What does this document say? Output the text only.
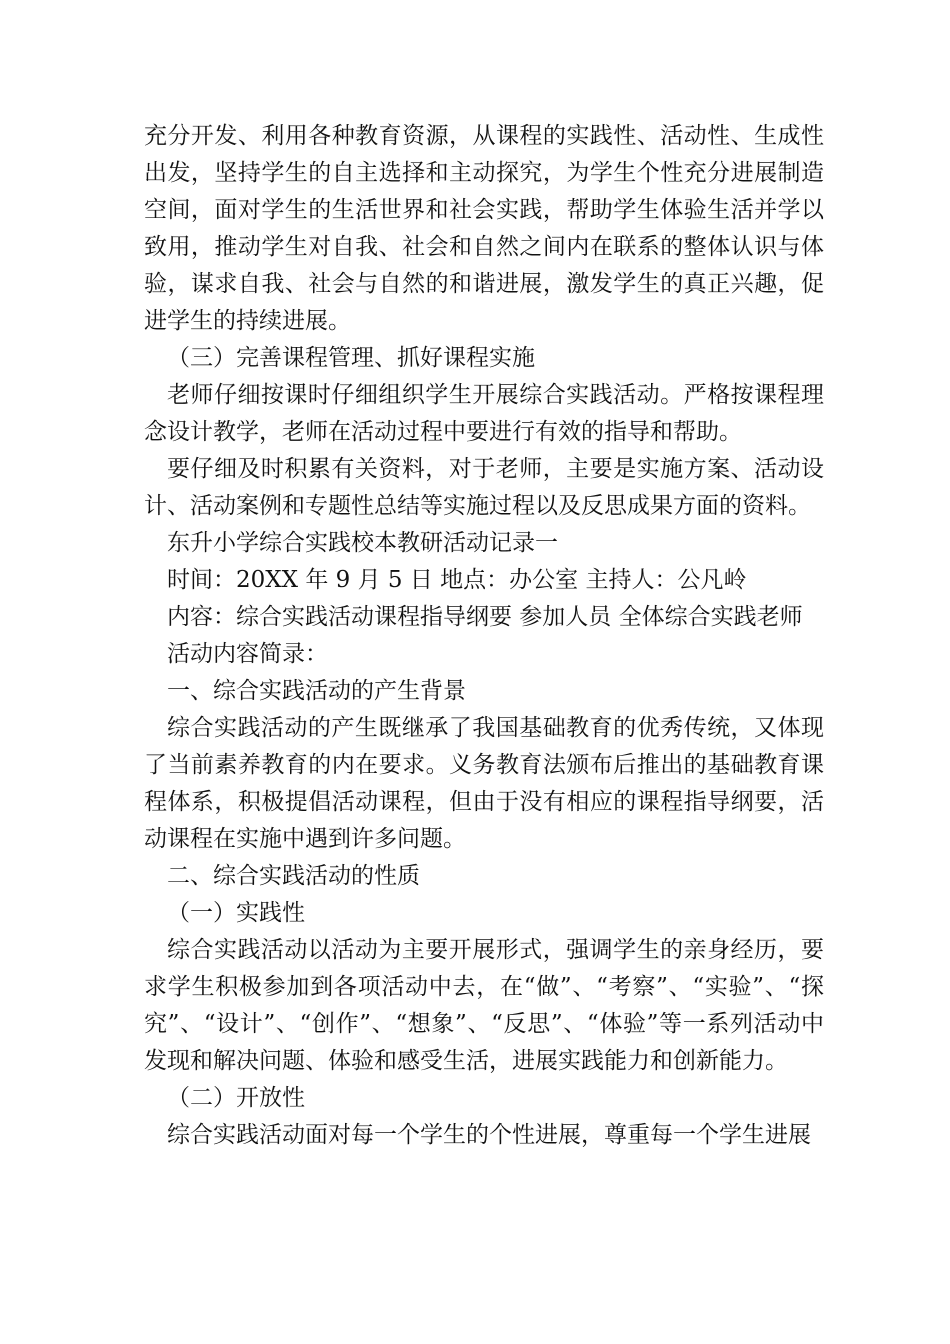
充分开发、利用各种教育资源，从课程的实践性、活动性、生成性出发，坚持学生的自主选择和主动探究，为学生个性充分进展制造空间，面对学生的生活世界和社会实践，帮助学生体验生活并学以致用，推动学生对自我、社会和自然之间内在联系的整体认识与体验，谋求自我、社会与自然的和谐进展，激发学生的真正兴趣，促进学生的持续进展。

（三）完善课程管理、抓好课程实施

老师仔细按课时仔细组织学生开展综合实践活动。严格按课程理念设计教学，老师在活动过程中要进行有效的指导和帮助。

要仔细及时积累有关资料，对于老师，主要是实施方案、活动设计、活动案例和专题性总结等实施过程以及反思成果方面的资料。

东升小学综合实践校本教研活动记录一

时间：20XX 年 9 月 5 日 地点：办公室 主持人：公凡岭

内容：综合实践活动课程指导纲要 参加人员 全体综合实践老师

活动内容简录：

一、综合实践活动的产生背景

综合实践活动的产生既继承了我国基础教育的优秀传统，又体现了当前素养教育的内在要求。义务教育法颁布后推出的基础教育课程体系，积极提倡活动课程，但由于没有相应的课程指导纲要，活动课程在实施中遇到许多问题。

二、综合实践活动的性质

（一）实践性

综合实践活动以活动为主要开展形式，强调学生的亲身经历，要求学生积极参加到各项活动中去，在“做”、“考察”、“实验”、“探究”、“设计”、“创作”、“想象”、“反思”、“体验”等一系列活动中发现和解决问题、体验和感受生活，进展实践能力和创新能力。

（二）开放性

综合实践活动面对每一个学生的个性进展，尊重每一个学生进展
